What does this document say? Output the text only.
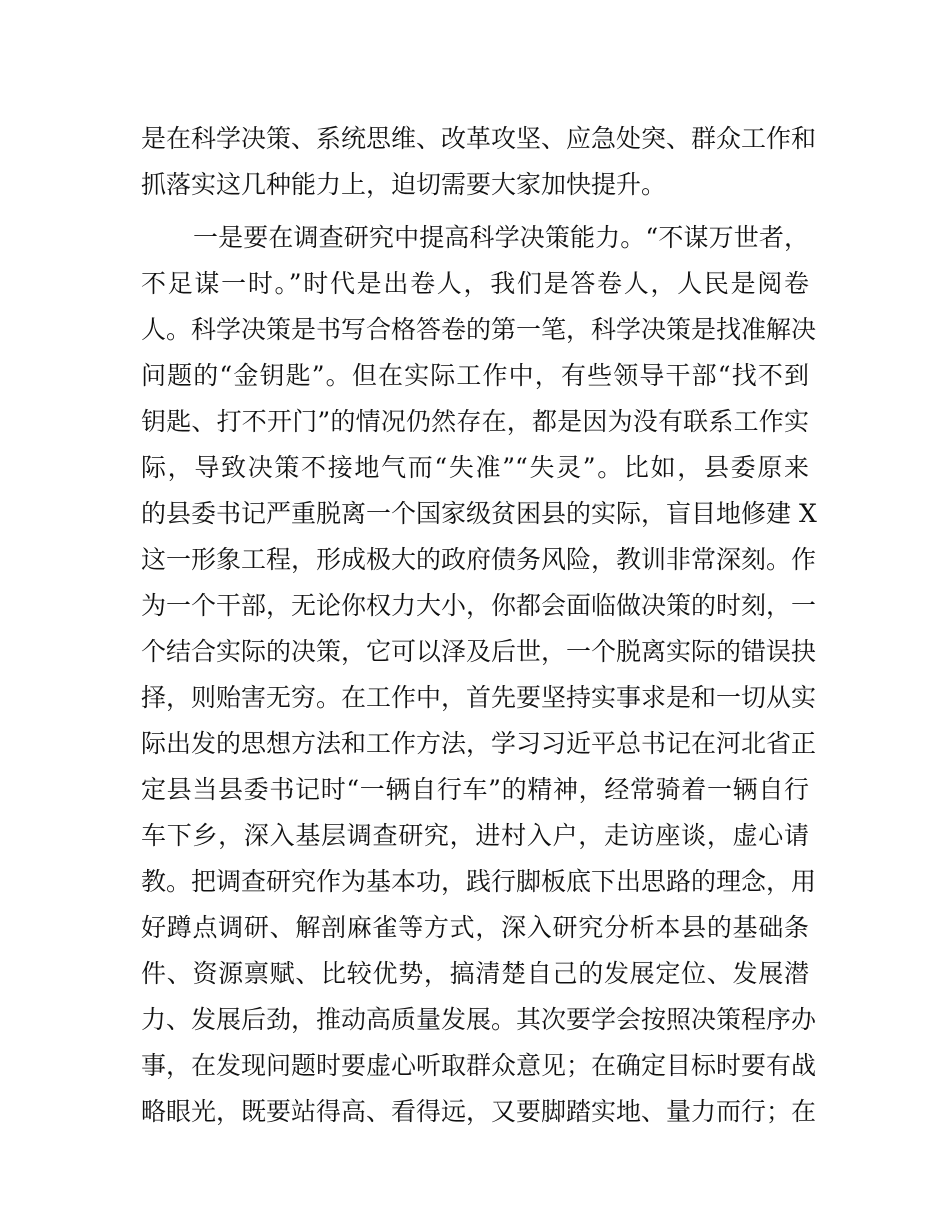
是在科学决策、系统思维、改革攻坚、应急处突、群众工作和
抓落实这几种能力上，迫切需要大家加快提升。
一是要在调查研究中提高科学决策能力。“不谋万世者，
不足谋一时。”时代是出卷人，我们是答卷人，人民是阅卷
人。科学决策是书写合格答卷的第一笔，科学决策是找准解决
问题的“金钥匙”。但在实际工作中，有些领导干部“找不到
钥匙、打不开门”的情况仍然存在，都是因为没有联系工作实
际，导致决策不接地气而“失准”“失灵”。比如，县委原来
的县委书记严重脱离一个国家级贫困县的实际，盲目地修建 X
这一形象工程，形成极大的政府债务风险，教训非常深刻。作
为一个干部，无论你权力大小，你都会面临做决策的时刻，一
个结合实际的决策，它可以泽及后世，一个脱离实际的错误抉
择，则贻害无穷。在工作中，首先要坚持实事求是和一切从实
际出发的思想方法和工作方法，学习习近平总书记在河北省正
定县当县委书记时“一辆自行车”的精神，经常骑着一辆自行
车下乡，深入基层调查研究，进村入户，走访座谈，虚心请
教。把调查研究作为基本功，践行脚板底下出思路的理念，用
好蹲点调研、解剖麻雀等方式，深入研究分析本县的基础条
件、资源禀赋、比较优势，搞清楚自己的发展定位、发展潜
力、发展后劲，推动高质量发展。其次要学会按照决策程序办
事，在发现问题时要虚心听取群众意见；在确定目标时要有战
略眼光，既要站得高、看得远，又要脚踏实地、量力而行；在
